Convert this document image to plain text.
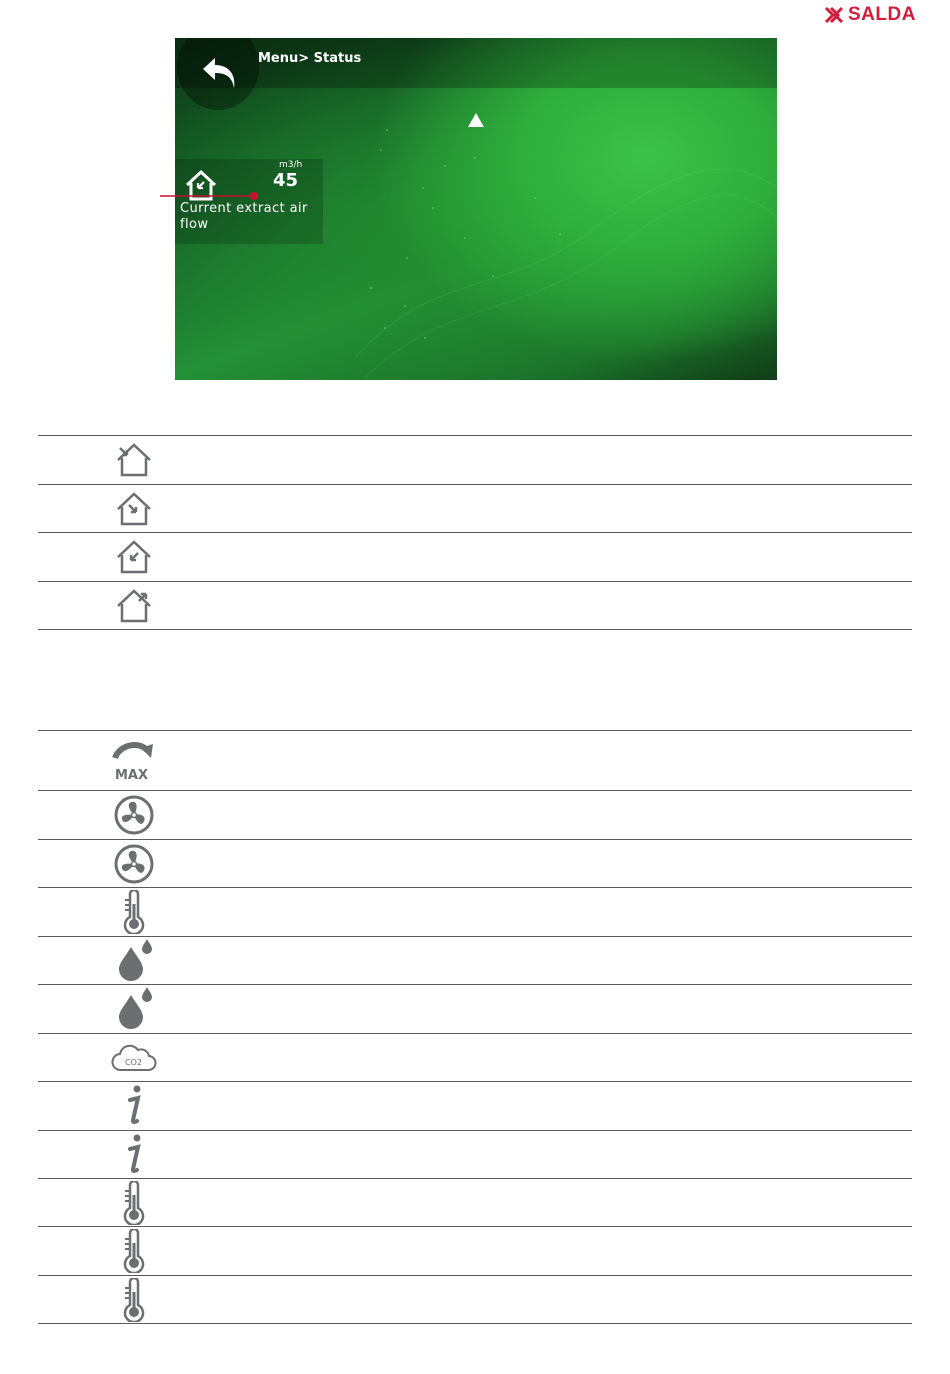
SALDA
Menu> Status
m3/h
45
Current extract air flow
MAX
CO2
